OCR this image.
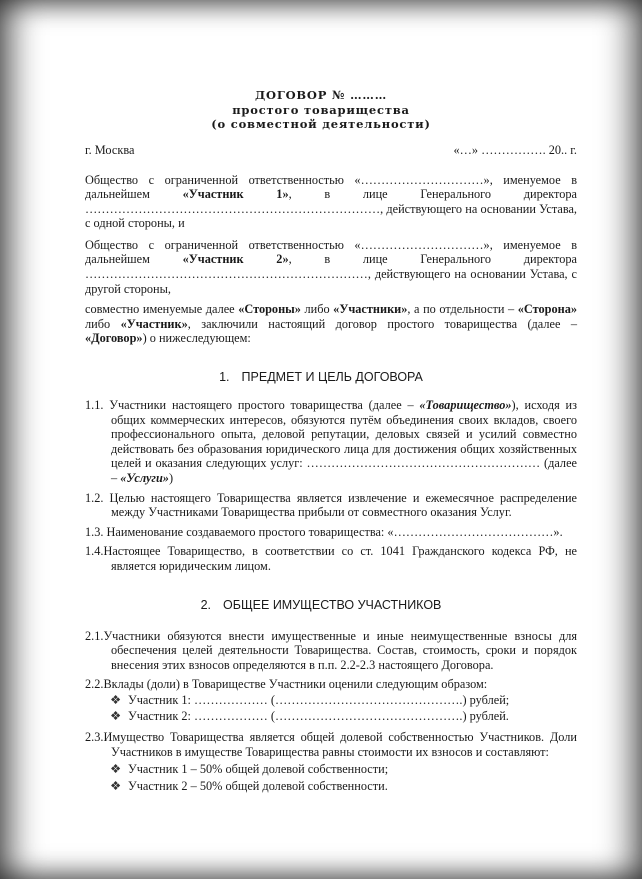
ДОГОВОР № ………
простого товарищества
(о совместной деятельности)
г. Москва	«…» ……………. 20.. г.
Общество с ограниченной ответственностью «…………………………», именуемое в дальнейшем «Участник 1», в лице Генерального директора ………………………………………………………………, действующего на основании Устава, с одной стороны, и
Общество с ограниченной ответственностью «…………………………», именуемое в дальнейшем «Участник 2», в лице Генерального директора ……………………………………………………………, действующего на основании Устава, с другой стороны,
совместно именуемые далее «Стороны» либо «Участники», а по отдельности – «Сторона» либо «Участник», заключили настоящий договор простого товарищества (далее – «Договор») о нижеследующем:
1. ПРЕДМЕТ И ЦЕЛЬ ДОГОВОРА
1.1. Участники настоящего простого товарищества (далее – «Товарищество»), исходя из общих коммерческих интересов, обязуются путём объединения своих вкладов, своего профессионального опыта, деловой репутации, деловых связей и усилий совместно действовать без образования юридического лица для достижения общих хозяйственных целей и оказания следующих услуг: ………………………………………………… (далее – «Услуги»)
1.2. Целью настоящего Товарищества является извлечение и ежемесячное распределение между Участниками Товарищества прибыли от совместного оказания Услуг.
1.3. Наименование создаваемого простого товарищества: «…………………………………».
1.4.Настоящее Товарищество, в соответствии со ст. 1041 Гражданского кодекса РФ, не является юридическим лицом.
2. ОБЩЕЕ ИМУЩЕСТВО УЧАСТНИКОВ
2.1.Участники обязуются внести имущественные и иные неимущественные взносы для обеспечения целей деятельности Товарищества. Состав, стоимость, сроки и порядок внесения этих взносов определяются в п.п. 2.2-2.3 настоящего Договора.
2.2.Вклады (доли) в Товариществе Участники оценили следующим образом:
❖ Участник 1: ……………… (……………………………………….) рублей;
❖ Участник 2: ……………… (……………………………………….) рублей.
2.3.Имущество Товарищества является общей долевой собственностью Участников. Доли Участников в имуществе Товарищества равны стоимости их взносов и составляют:
❖ Участник 1 – 50% общей долевой собственности;
❖ Участник 2 – 50% общей долевой собственности.
